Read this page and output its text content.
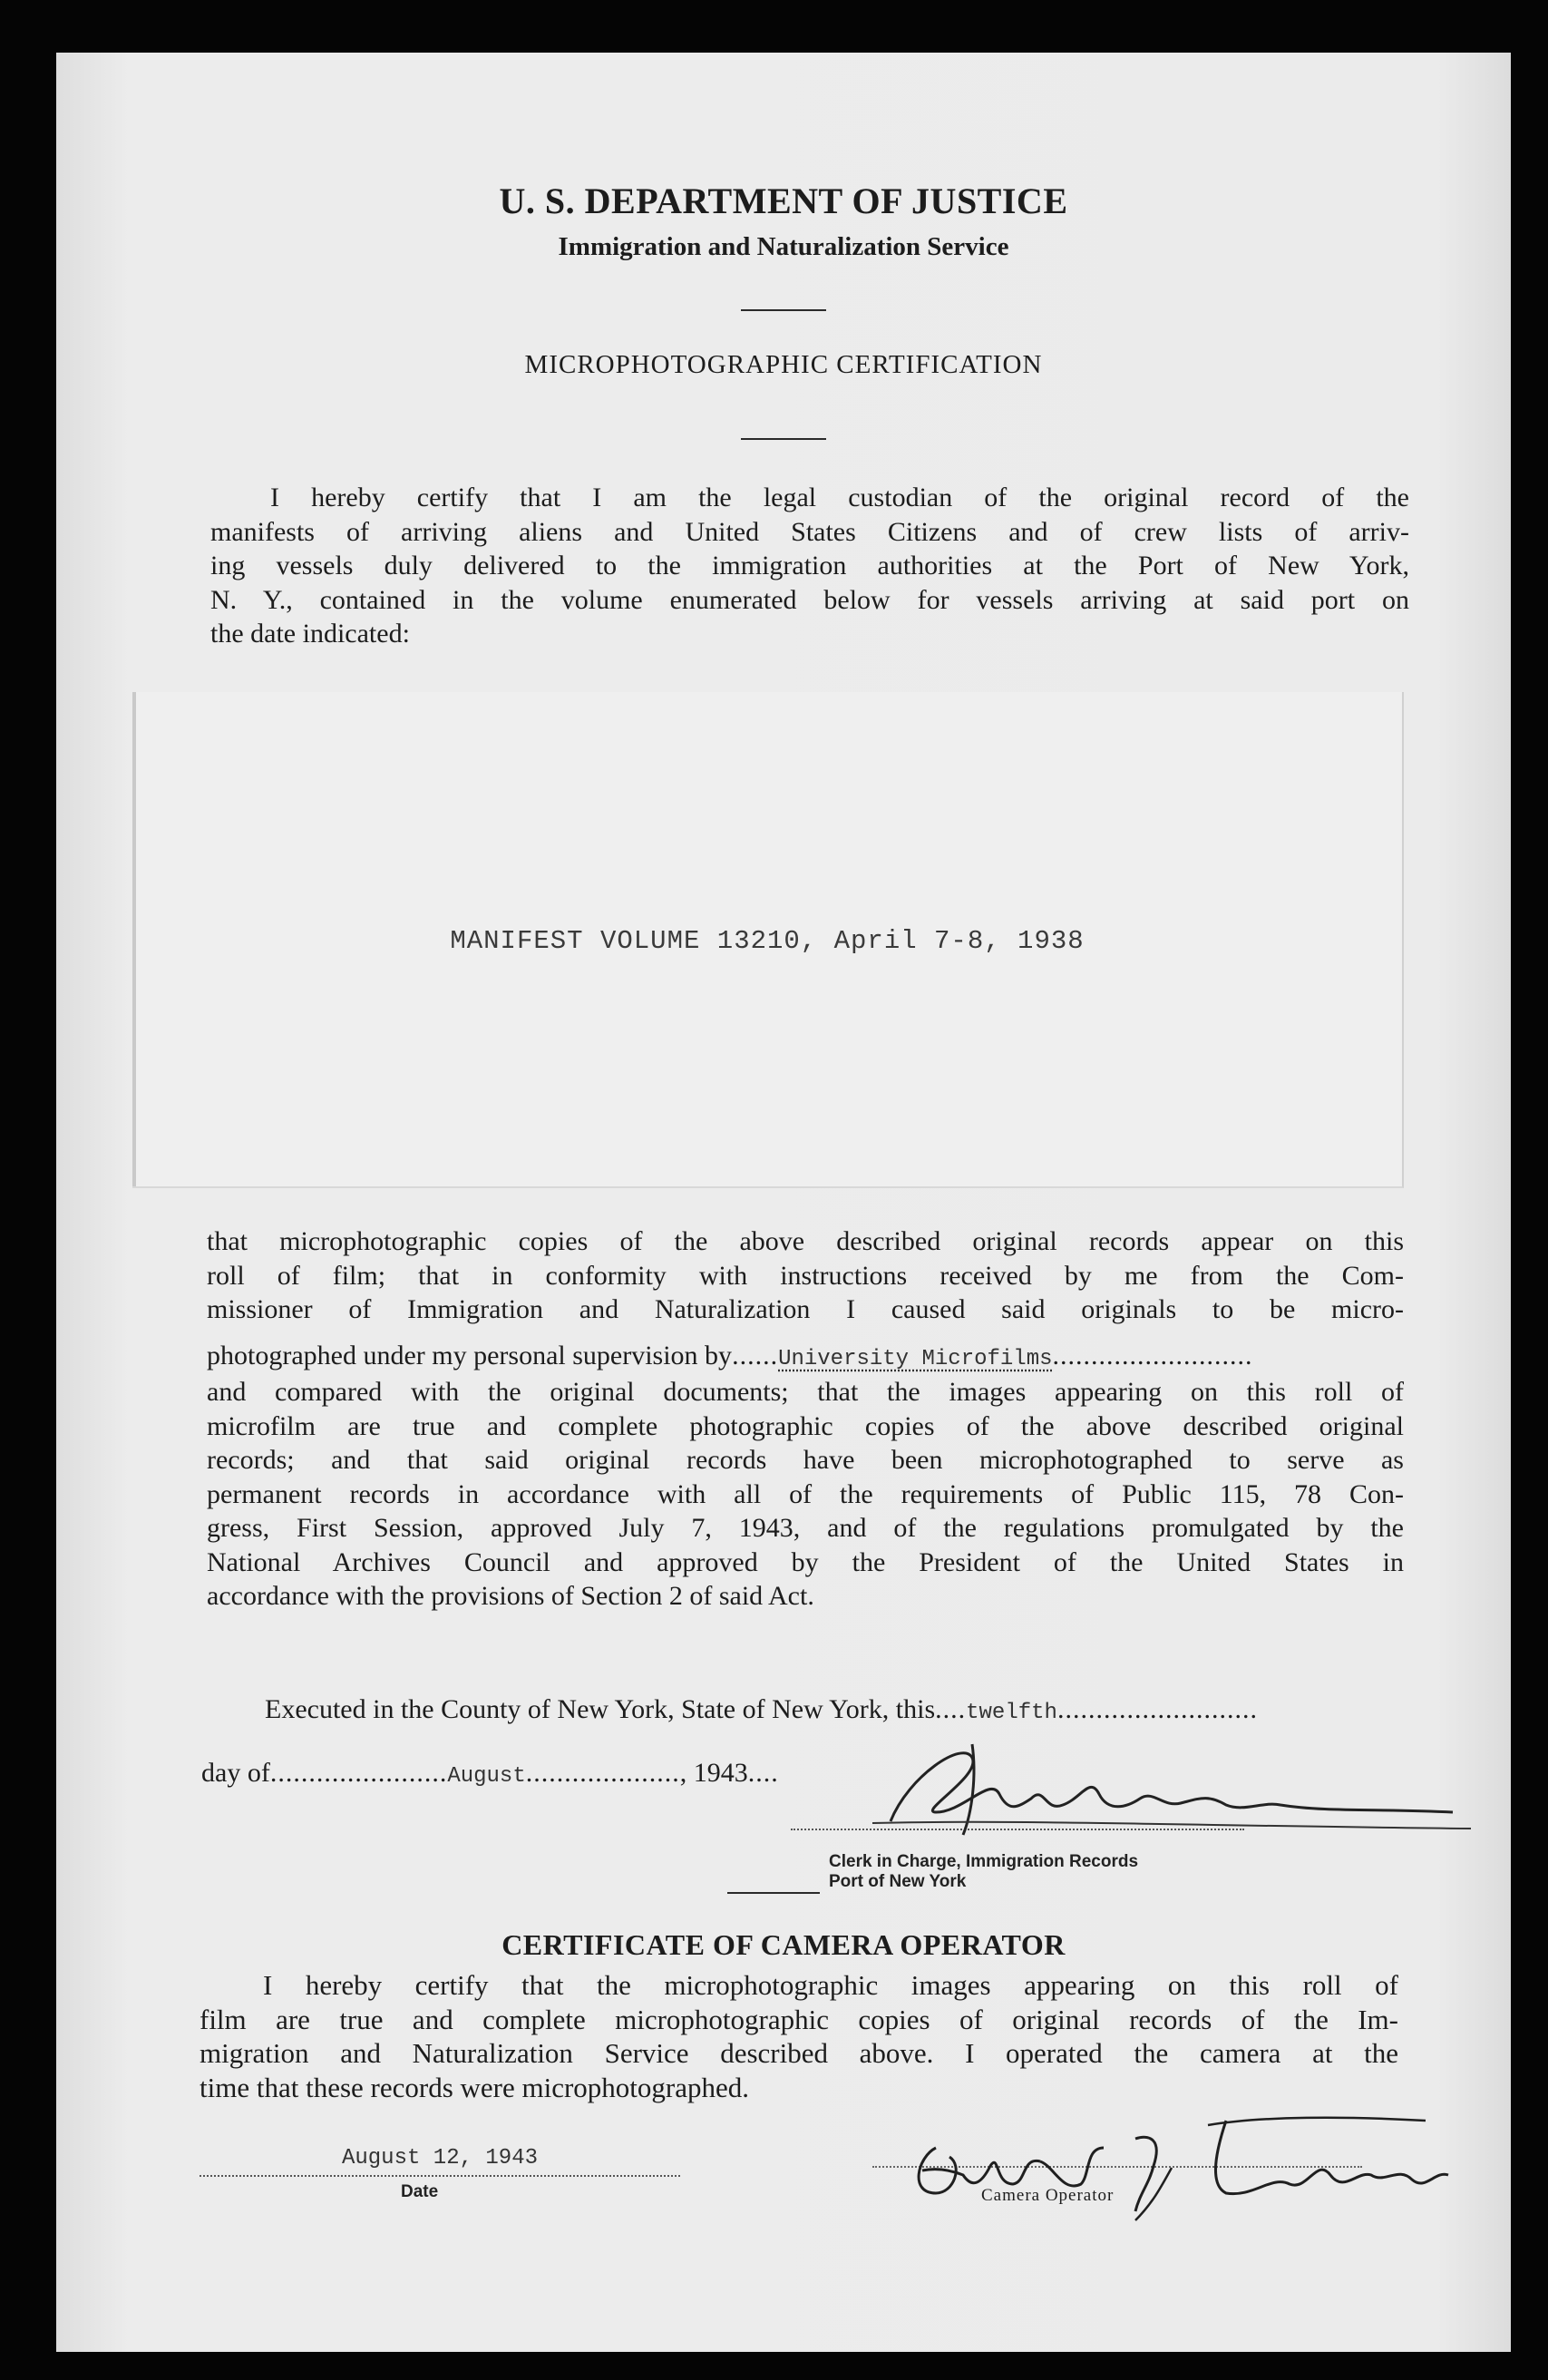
U. S. DEPARTMENT OF JUSTICE
Immigration and Naturalization Service
MICROPHOTOGRAPHIC CERTIFICATION
I hereby certify that I am the legal custodian of the original record of the
manifests of arriving aliens and United States Citizens and of crew lists of arriv-
ing vessels duly delivered to the immigration authorities at the Port of New York,
N. Y., contained in the volume enumerated below for vessels arriving at said port on
the date indicated:
MANIFEST VOLUME 13210, April 7-8, 1938
that microphotographic copies of the above described original records appear on this
roll of film; that in conformity with instructions received by me from the Com-
missioner of Immigration and Naturalization I caused said originals to be micro-
photographed under my personal supervision by ...... University Microfilms ..........................
and compared with the original documents; that the images appearing on this roll of
microfilm are true and complete photographic copies of the above described original
records; and that said original records have been microphotographed to serve as
permanent records in accordance with all of the requirements of Public 115, 78 Con-
gress, First Session, approved July 7, 1943, and of the regulations promulgated by the
National Archives Council and approved by the President of the United States in
accordance with the provisions of Section 2 of said Act.
Executed in the County of New York, State of New York, this .... twelfth ..........................
day of ....................... August .................... , 1943 ....
Clerk in Charge, Immigration Records
Port of New York
CERTIFICATE OF CAMERA OPERATOR
I hereby certify that the microphotographic images appearing on this roll of
film are true and complete microphotographic copies of original records of the Im-
migration and Naturalization Service described above. I operated the camera at the
time that these records were microphotographed.
August 12, 1943
Date	Camera Operator
